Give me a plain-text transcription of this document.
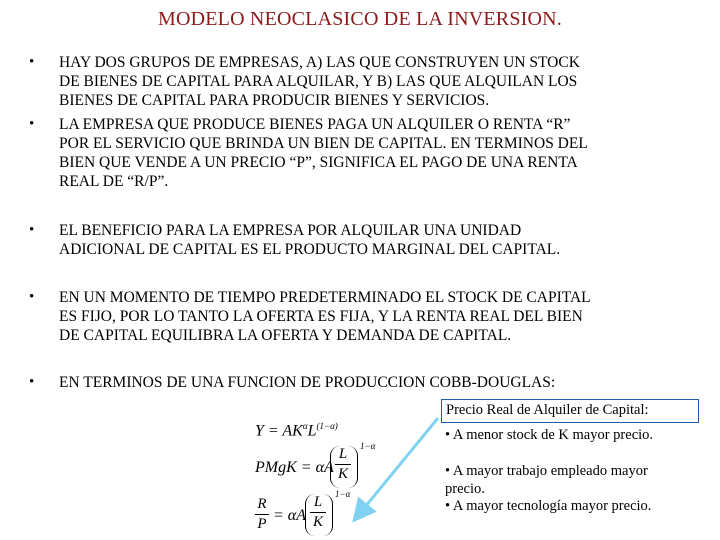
MODELO NEOCLASICO DE LA INVERSION.
• HAY DOS GRUPOS DE EMPRESAS, A) LAS QUE CONSTRUYEN UN STOCK
DE BIENES DE CAPITAL PARA ALQUILAR, Y B) LAS QUE ALQUILAN LOS
BIENES DE CAPITAL PARA PRODUCIR BIENES Y SERVICIOS.
• LA EMPRESA QUE PRODUCE BIENES PAGA UN ALQUILER O RENTA “R”
POR EL SERVICIO QUE BRINDA UN BIEN DE CAPITAL. EN TERMINOS DEL
BIEN QUE VENDE A UN PRECIO “P”, SIGNIFICA EL PAGO DE UNA RENTA
REAL DE “R/P”.
• EL BENEFICIO PARA LA EMPRESA POR ALQUILAR UNA UNIDAD
ADICIONAL DE CAPITAL ES EL PRODUCTO MARGINAL DEL CAPITAL.
• EN UN MOMENTO DE TIEMPO PREDETERMINADO EL STOCK DE CAPITAL
ES FIJO, POR LO TANTO LA OFERTA ES FIJA, Y LA RENTA REAL DEL BIEN
DE CAPITAL EQUILIBRA LA OFERTA Y DEMANDA DE CAPITAL.
• EN TERMINOS DE UNA FUNCION DE PRODUCCION COBB-DOUGLAS:
$Y = AK^\alpha L^{(1-\alpha)}$
PMgK = αA
L
K
1−α
R
P = αA
L
K
1−α
Precio Real de Alquiler de Capital:
• A menor stock de K mayor precio.
• A mayor trabajo empleado mayor
precio.
• A mayor tecnología mayor precio.
